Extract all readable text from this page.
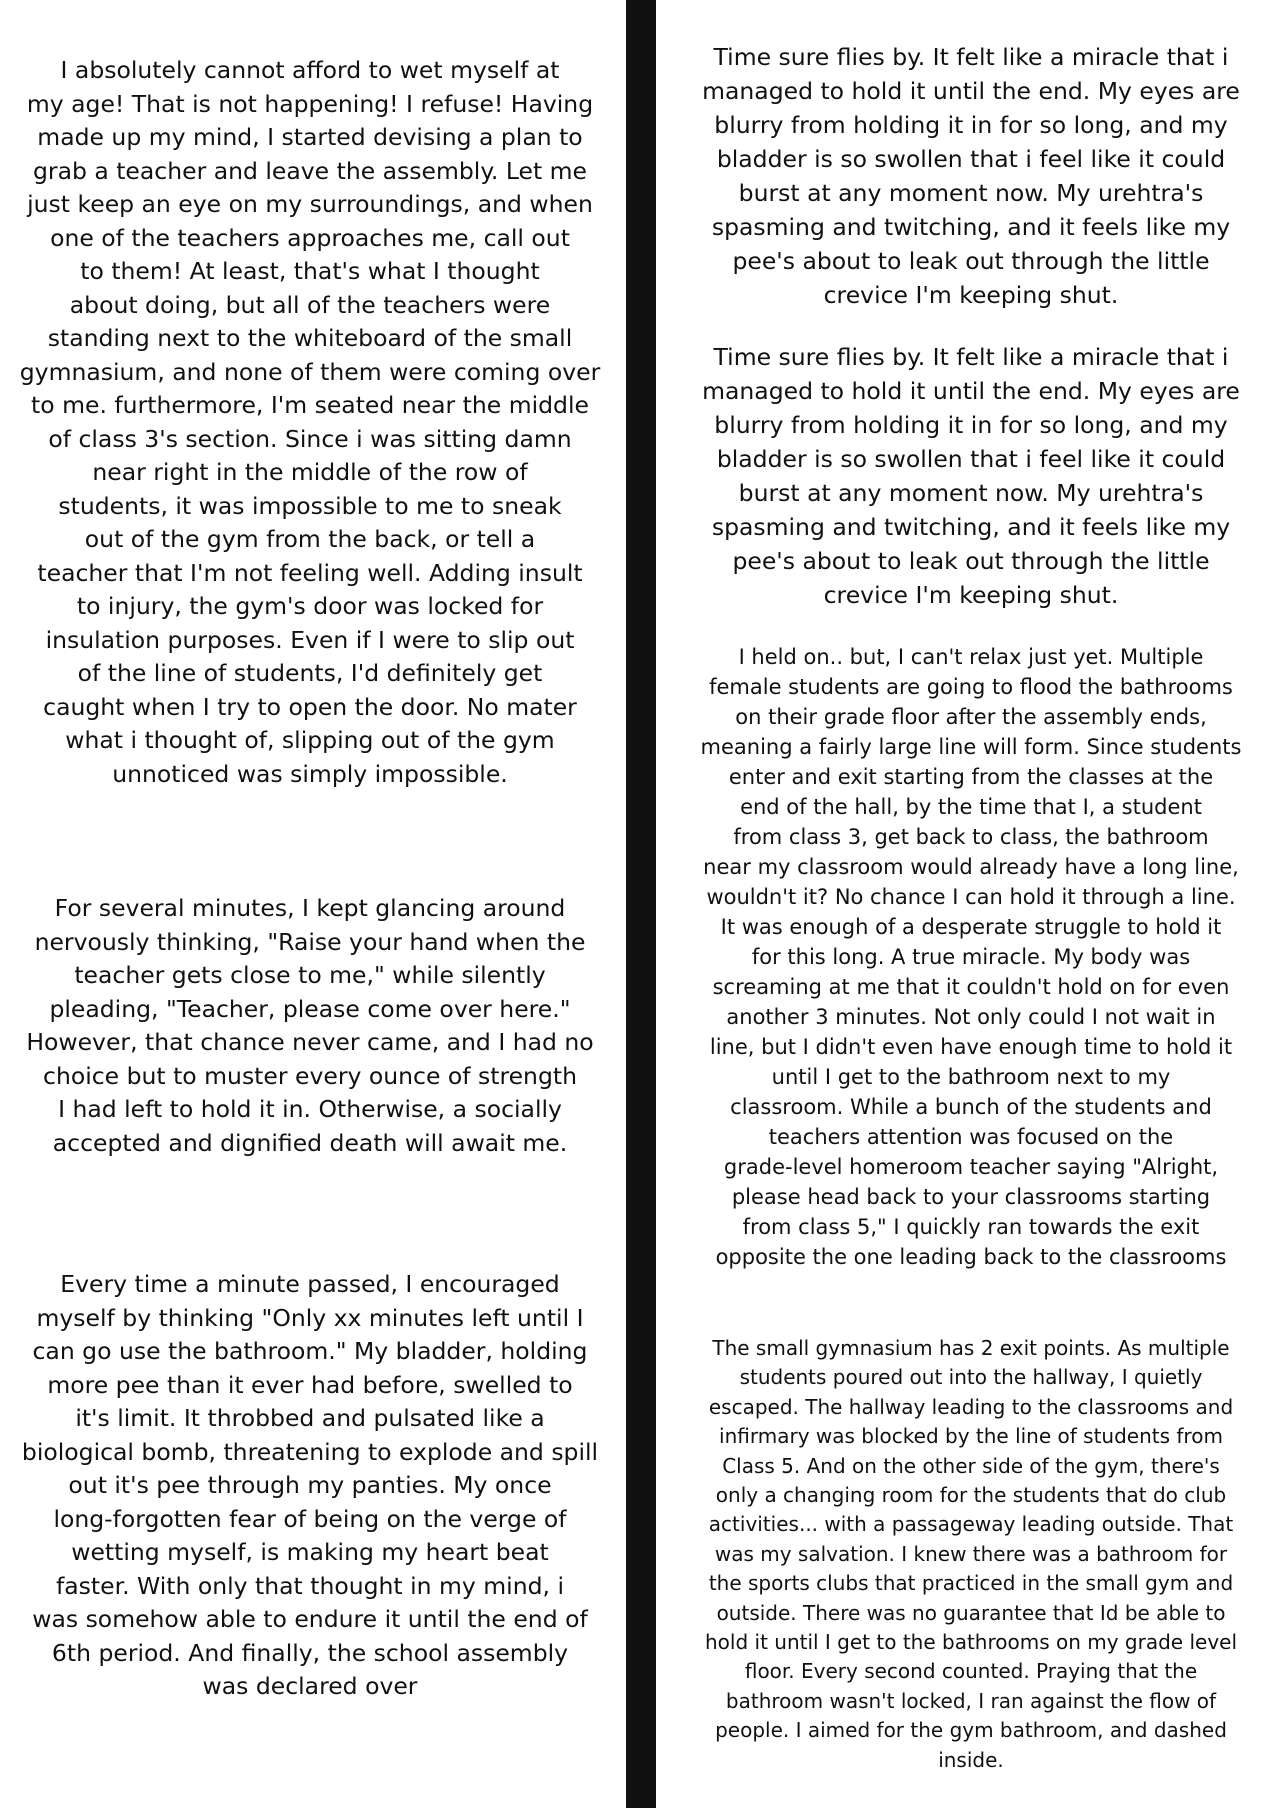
I absolutely cannot afford to wet myself at
my age! That is not happening! I refuse! Having
made up my mind, I started devising a plan to
grab a teacher and leave the assembly. Let me
just keep an eye on my surroundings, and when
one of the teachers approaches me, call out
to them! At least, that's what I thought
about doing, but all of the teachers were
standing next to the whiteboard of the small
gymnasium, and none of them were coming over
to me. furthermore, I'm seated near the middle
of class 3's section. Since i was sitting damn
near right in the middle of the row of
students, it was impossible to me to sneak
out of the gym from the back, or tell a
teacher that I'm not feeling well. Adding insult
to injury, the gym's door was locked for
insulation purposes. Even if I were to slip out
of the line of students, I'd definitely get
caught when I try to open the door. No mater
what i thought of, slipping out of the gym
unnoticed was simply impossible.

For several minutes, I kept glancing around
nervously thinking, "Raise your hand when the
teacher gets close to me," while silently
pleading, "Teacher, please come over here."
However, that chance never came, and I had no
choice but to muster every ounce of strength
I had left to hold it in. Otherwise, a socially
accepted and dignified death will await me.

Every time a minute passed, I encouraged
myself by thinking "Only xx minutes left until I
can go use the bathroom." My bladder, holding
more pee than it ever had before, swelled to
it's limit. It throbbed and pulsated like a
biological bomb, threatening to explode and spill
out it's pee through my panties. My once
long-forgotten fear of being on the verge of
wetting myself, is making my heart beat
faster. With only that thought in my mind, i
was somehow able to endure it until the end of
6th period. And finally, the school assembly
was declared over

Time sure flies by. It felt like a miracle that i
managed to hold it until the end. My eyes are
blurry from holding it in for so long, and my
bladder is so swollen that i feel like it could
burst at any moment now. My urehtra's
spasming and twitching, and it feels like my
pee's about to leak out through the little
crevice I'm keeping shut.

Time sure flies by. It felt like a miracle that i
managed to hold it until the end. My eyes are
blurry from holding it in for so long, and my
bladder is so swollen that i feel like it could
burst at any moment now. My urehtra's
spasming and twitching, and it feels like my
pee's about to leak out through the little
crevice I'm keeping shut.

I held on.. but, I can't relax just yet. Multiple
female students are going to flood the bathrooms
on their grade floor after the assembly ends,
meaning a fairly large line will form. Since students
enter and exit starting from the classes at the
end of the hall, by the time that I, a student
from class 3, get back to class, the bathroom
near my classroom would already have a long line,
wouldn't it? No chance I can hold it through a line.
It was enough of a desperate struggle to hold it
for this long. A true miracle. My body was
screaming at me that it couldn't hold on for even
another 3 minutes. Not only could I not wait in
line, but I didn't even have enough time to hold it
until I get to the bathroom next to my
classroom. While a bunch of the students and
teachers attention was focused on the
grade-level homeroom teacher saying "Alright,
please head back to your classrooms starting
from class 5," I quickly ran towards the exit
opposite the one leading back to the classrooms

The small gymnasium has 2 exit points. As multiple
students poured out into the hallway, I quietly
escaped. The hallway leading to the classrooms and
infirmary was blocked by the line of students from
Class 5. And on the other side of the gym, there's
only a changing room for the students that do club
activities... with a passageway leading outside. That
was my salvation. I knew there was a bathroom for
the sports clubs that practiced in the small gym and
outside. There was no guarantee that Id be able to
hold it until I get to the bathrooms on my grade level
floor. Every second counted. Praying that the
bathroom wasn't locked, I ran against the flow of
people. I aimed for the gym bathroom, and dashed
inside.
